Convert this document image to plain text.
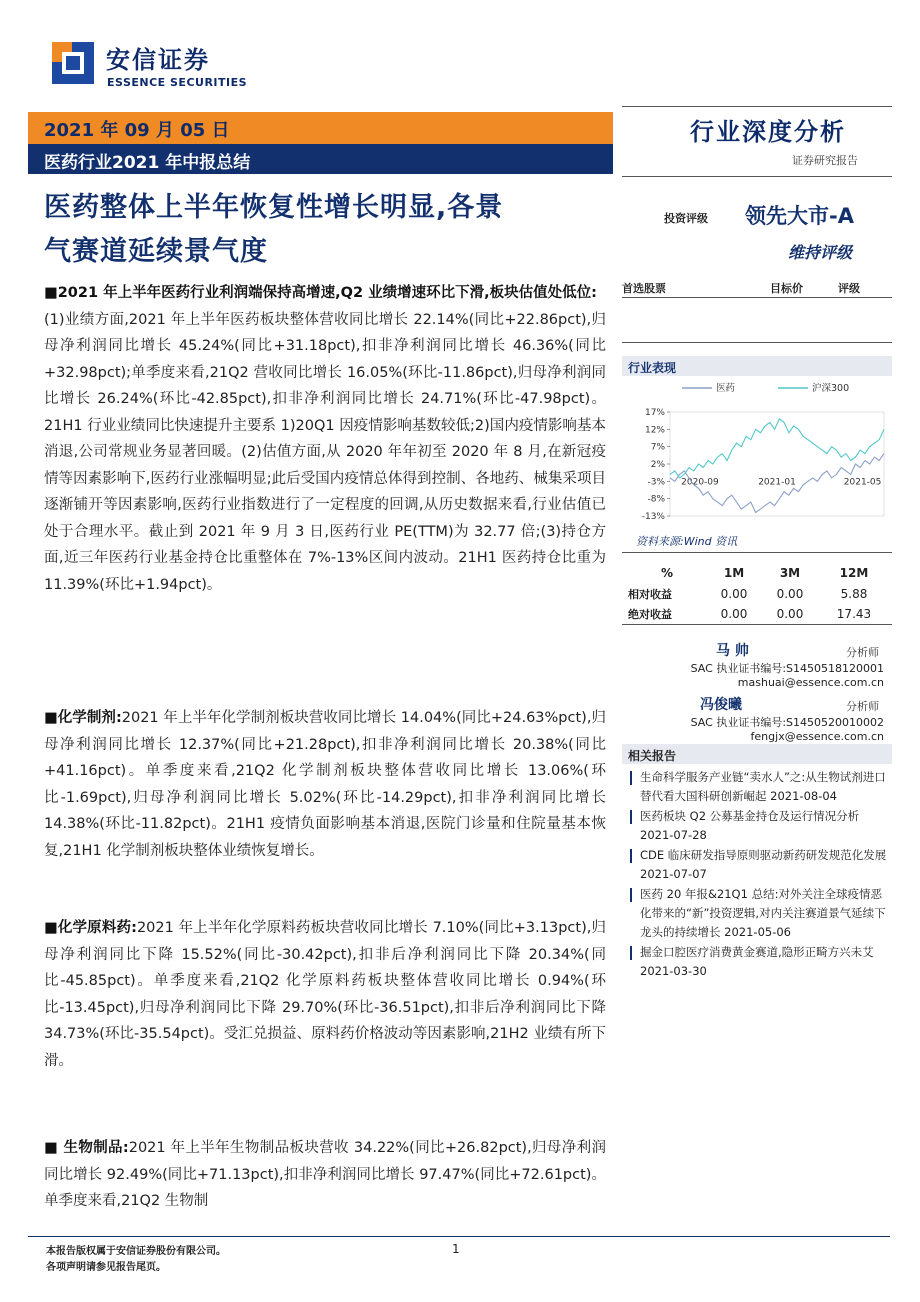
安信证券
ESSENCE SECURITIES
2021 年 09 月 05 日
医药行业2021 年中报总结
行业深度分析
证券研究报告
医药整体上半年恢复性增长明显,各景
气赛道延续景气度
投资评级 领先大市-A
维持评级
首选股票	目标价	评级
■2021 年上半年医药行业利润端保持高增速,Q2 业绩增速环比下滑,板块估值处低位:
(1)业绩方面,2021 年上半年医药板块整体营收同比增长 22.14%(同比+22.86pct),归母净利润同比增长 45.24%(同比+31.18pct),扣非净利润同比增长 46.36%(同比+32.98pct);单季度来看,21Q2 营收同比增长 16.05%(环比-11.86pct),归母净利润同比增长 26.24%(环比-42.85pct),扣非净利润同比增长 24.71%(环比-47.98pct)。21H1 行业业绩同比快速提升主要系 1)20Q1 因疫情影响基数较低;2)国内疫情影响基本消退,公司常规业务显著回暖。(2)估值方面,从 2020 年年初至 2020 年 8 月,在新冠疫情等因素影响下,医药行业涨幅明显;此后受国内疫情总体得到控制、各地药、械集采项目逐渐铺开等因素影响,医药行业指数进行了一定程度的回调,从历史数据来看,行业估值已处于合理水平。截止到 2021 年 9 月 3 日,医药行业 PE(TTM)为 32.77 倍;(3)持仓方面,近三年医药行业基金持仓比重整体在 7%-13%区间内波动。21H1 医药持仓比重为 11.39%(环比+1.94pct)。
■化学制剂:2021 年上半年化学制剂板块营收同比增长 14.04%(同比+24.63%pct),归母净利润同比增长 12.37%(同比+21.28pct),扣非净利润同比增长 20.38%(同比+41.16pct)。单季度来看,21Q2 化学制剂板块整体营收同比增长 13.06%(环比-1.69pct),归母净利润同比增长 5.02%(环比-14.29pct),扣非净利润同比增长 14.38%(环比-11.82pct)。21H1 疫情负面影响基本消退,医院门诊量和住院量基本恢复,21H1 化学制剂板块整体业绩恢复增长。
■化学原料药:2021 年上半年化学原料药板块营收同比增长 7.10%(同比+3.13pct),归母净利润同比下降 15.52%(同比-30.42pct),扣非后净利润同比下降 20.34%(同比-45.85pct)。单季度来看,21Q2 化学原料药板块整体营收同比增长 0.94%(环比-13.45pct),归母净利润同比下降 29.70%(环比-36.51pct),扣非后净利润同比下降 34.73%(环比-35.54pct)。受汇兑损益、原料药价格波动等因素影响,21H2 业绩有所下滑。
■ 生物制品:2021 年上半年生物制品板块营收 34.22%(同比+26.82pct),归母净利润同比增长 92.49%(同比+71.13pct),扣非净利润同比增长 97.47%(同比+72.61pct)。单季度来看,21Q2 生物制
行业表现
17%
12%
7%
2%
-3%
-8%
-13%
2020-09	2021-01	2021-05
医药	沪深300
资料来源:Wind 资讯
%	1M	3M	12M
相对收益	0.00	0.00	5.88
绝对收益	0.00	0.00	17.43
马 帅	分析师
SAC 执业证书编号:S1450518120001
mashuai@essence.com.cn
冯俊曦	分析师
SAC 执业证书编号:S1450520010002
fengjx@essence.com.cn
相关报告
生命科学服务产业链“卖水人”之:从生物试剂进口替代看大国科研创新崛起 2021-08-04
医药板块 Q2 公募基金持仓及运行情况分析 2021-07-28
CDE 临床研发指导原则驱动新药研发规范化发展 2021-07-07
医药 20 年报&21Q1 总结:对外关注全球疫情恶化带来的“新”投资逻辑,对内关注赛道景气延续下龙头的持续增长 2021-05-06
掘金口腔医疗消费黄金赛道,隐形正畸方兴未艾 2021-03-30
本报告版权属于安信证券股份有限公司。
各项声明请参见报告尾页。
1
